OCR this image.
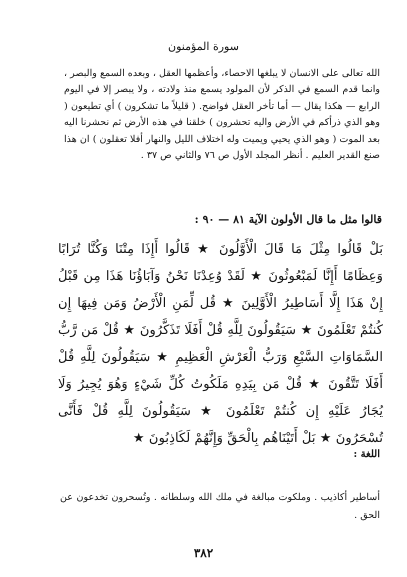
سورة المؤمنون

الله تعالى على الانسان لا يبلغها الاحصاء، وأعظمها العقل ، وبعده السمع والبصر ، وانما قدم السمع في الذكر لأن المولود يسمع منذ ولادته ، ولا يبصر إلا في اليوم الرابع — هكذا يقال — أما تأخر العقل فواضح. ( قليلاً ما تشكرون ) أي تطيعون ( وهو الذي ذرأكم في الأرض واليه تحشرون ) خلقنا في هذه الأرض ثم نحشرنا اليه بعد الموت ( وهو الذي يحيي ويميت وله اختلاف الليل والنهار أفلا تعقلون ) ان هذا صنع القدير العليم . أنظر المجلد الأول ص ٧٦ والثاني ص ٣٧ .

قالوا مثل ما قال الأولون الآية ٨١ — ٩٠ :

بَلْ قَالُوا مِثْلَ مَا قَالَ الْأَوَّلُونَ ★ قَالُوا أَإِذَا مِتْنَا وَكُنَّا تُرَابًا وَعِظَامًا أَإِنَّا لَمَبْعُوثُونَ ★ لَقَدْ وُعِدْنَا نَحْنُ وَآبَاؤُنَا هَذَا مِن قَبْلُ إِنْ هَذَا إِلَّا أَسَاطِيرُ الْأَوَّلِينَ ★ قُل لِّمَنِ الْأَرْضُ وَمَن فِيهَا إِن كُنتُمْ تَعْلَمُونَ ★ سَيَقُولُونَ لِلَّهِ قُلْ أَفَلَا تَذَكَّرُونَ ★ قُلْ مَن رَّبُّ السَّمَاوَاتِ السَّبْعِ وَرَبُّ الْعَرْشِ الْعَظِيمِ ★ سَيَقُولُونَ لِلَّهِ قُلْ أَفَلَا تَتَّقُونَ ★ قُلْ مَن بِيَدِهِ مَلَكُوتُ كُلِّ شَيْءٍ وَهُوَ يُجِيرُ وَلَا يُجَارُ عَلَيْهِ إِن كُنتُمْ تَعْلَمُونَ ★ سَيَقُولُونَ لِلَّهِ قُلْ فَأَنَّى تُسْحَرُونَ ★ بَلْ أَتَيْنَاهُم بِالْحَقِّ وَإِنَّهُمْ لَكَاذِبُونَ ★

اللغة :

أساطير أكاذيب . وملكوت مبالغة في ملك الله وسلطانه . وتُسحرون تخدعون عن الحق .

٣٨٢
